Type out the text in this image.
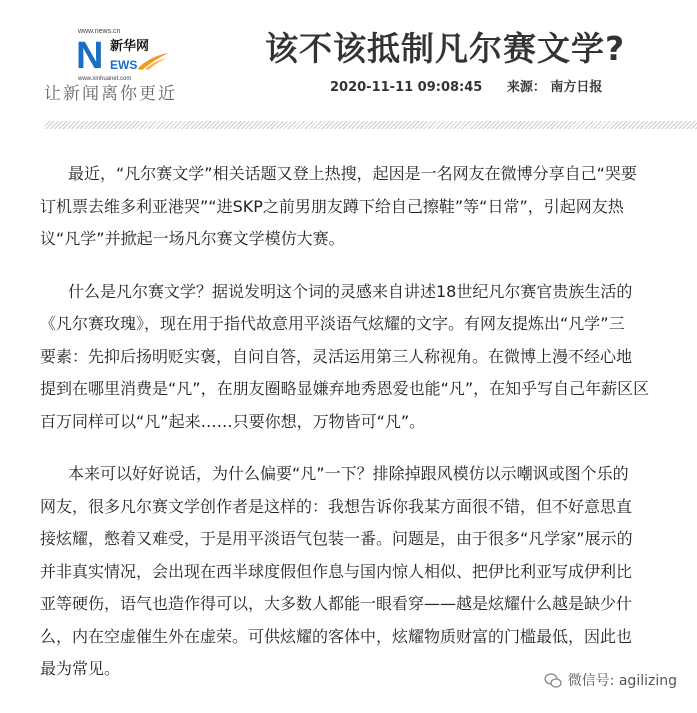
www.news.cn
N 新华网
EWS
www.xinhuanet.com
让新闻离你更近
该不该抵制凡尔赛文学?
2020-11-11 09:08:45 来源： 南方日报
最近，“凡尔赛文学”相关话题又登上热搜，起因是一名网友在微博分享自己“哭要
订机票去维多利亚港哭”“进SKP之前男朋友蹲下给自己擦鞋”等“日常”，引起网友热
议“凡学”并掀起一场凡尔赛文学模仿大赛。
什么是凡尔赛文学？据说发明这个词的灵感来自讲述18世纪凡尔赛官贵族生活的
《凡尔赛玫瑰》，现在用于指代故意用平淡语气炫耀的文字。有网友提炼出“凡学”三
要素：先抑后扬明贬实褒，自问自答，灵活运用第三人称视角。在微博上漫不经心地
提到在哪里消费是“凡”，在朋友圈略显嫌弃地秀恩爱也能“凡”，在知乎写自己年薪区区
百万同样可以“凡”起来……只要你想，万物皆可“凡”。
本来可以好好说话，为什么偏要“凡”一下？排除掉跟风模仿以示嘲讽或图个乐的
网友，很多凡尔赛文学创作者是这样的：我想告诉你我某方面很不错，但不好意思直
接炫耀，憋着又难受，于是用平淡语气包装一番。问题是，由于很多“凡学家”展示的
并非真实情况，会出现在西半球度假但作息与国内惊人相似、把伊比利亚写成伊利比
亚等硬伤，语气也造作得可以，大多数人都能一眼看穿——越是炫耀什么越是缺少什
么，内在空虚催生外在虚荣。可供炫耀的客体中，炫耀物质财富的门槛最低，因此也
最为常见。
微信号: agilizing
